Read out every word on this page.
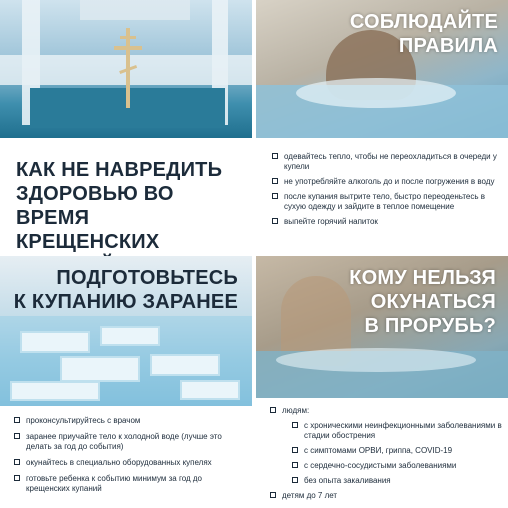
КАК НЕ НАВРЕДИТЬ
ЗДОРОВЬЮ ВО ВРЕМЯ
КРЕЩЕНСКИХ
СОБЛЮДАЙТЕ
ПРАВИЛА
одевайтесь тепло, чтобы не переохладиться в очереди у купели
не употребляйте алкоголь до и после погружения в воду
после купания вытрите тело, быстро переоденьтесь в сухую одежду и зайдите в теплое помещение
выпейте горячий напиток
ПОДГОТОВЬТЕСЬ
К КУПАНИЮ ЗАРАНЕЕ
проконсультируйтесь с врачом
заранее приучайте тело к холодной воде (лучше это делать за год до события)
окунайтесь в специально оборудованных купелях
готовьте ребенка к событию минимум за год до крещенских купаний
КОМУ НЕЛЬЗЯ
ОКУНАТЬСЯ
В ПРОРУБЬ?
людям:
с хроническими неинфекционными заболеваниями в стадии обострения
с симптомами ОРВИ, гриппа, COVID-19
с сердечно-сосудистыми заболеваниями
без опыта закаливания
детям до 7 лет
